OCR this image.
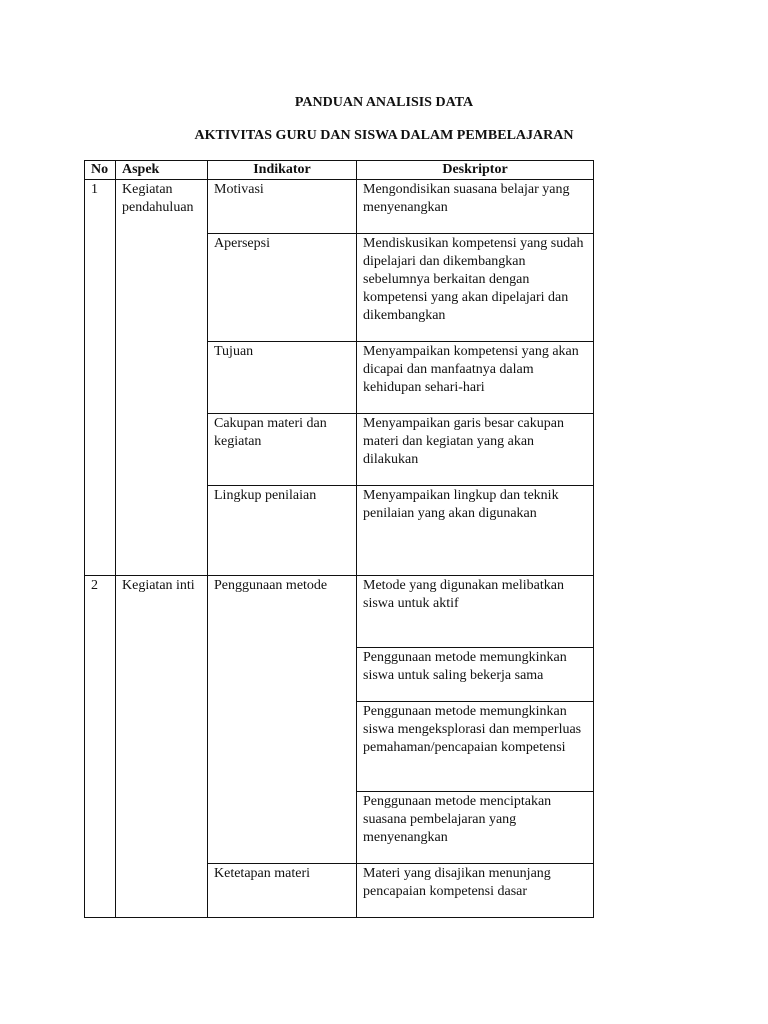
PANDUAN ANALISIS DATA
AKTIVITAS GURU DAN SISWA DALAM PEMBELAJARAN
No	Aspek	Indikator	Deskriptor
1	Kegiatan pendahuluan	Motivasi	Mengondisikan suasana belajar yang menyenangkan
		Apersepsi	Mendiskusikan kompetensi yang sudah dipelajari dan dikembangkan sebelumnya berkaitan dengan kompetensi yang akan dipelajari dan dikembangkan
		Tujuan	Menyampaikan kompetensi yang akan dicapai dan manfaatnya dalam kehidupan sehari-hari
		Cakupan materi dan kegiatan	Menyampaikan garis besar cakupan materi dan kegiatan yang akan dilakukan
		Lingkup penilaian	Menyampaikan lingkup dan teknik penilaian yang akan digunakan
2	Kegiatan inti	Penggunaan metode	Metode yang digunakan melibatkan siswa untuk aktif
			Penggunaan metode memungkinkan siswa untuk saling bekerja sama
			Penggunaan metode memungkinkan siswa mengeksplorasi dan memperluas pemahaman/pencapaian kompetensi
			Penggunaan metode menciptakan suasana pembelajaran yang menyenangkan
		Ketetapan materi	Materi yang disajikan menunjang pencapaian kompetensi dasar
